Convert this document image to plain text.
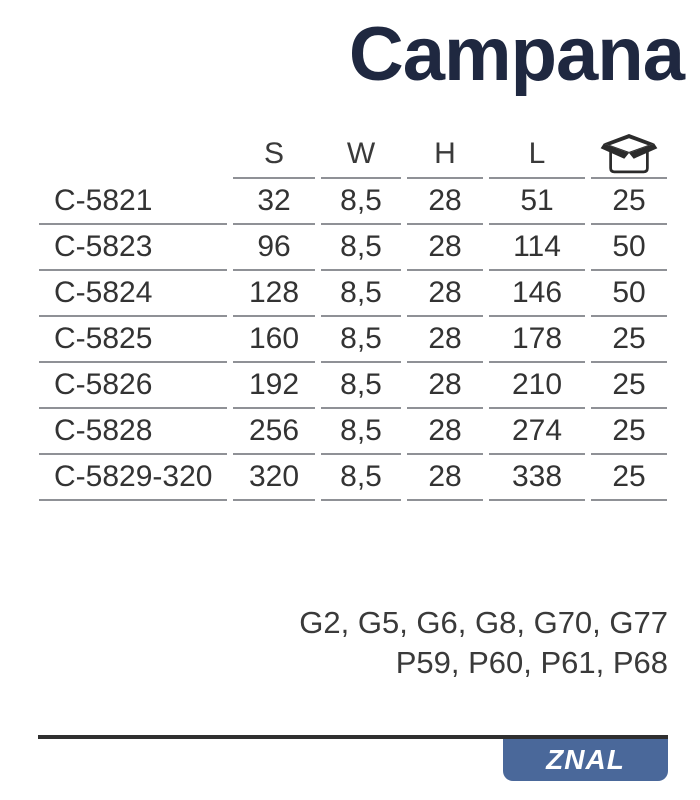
Campana
	S	W	H	L	
C-5821	32	8,5	28	51	25
C-5823	96	8,5	28	114	50
C-5824	128	8,5	28	146	50
C-5825	160	8,5	28	178	25
C-5826	192	8,5	28	210	25
C-5828	256	8,5	28	274	25
C-5829-320	320	8,5	28	338	25
G2, G5, G6, G8, G70, G77
P59, P60, P61, P68
ZNAL
